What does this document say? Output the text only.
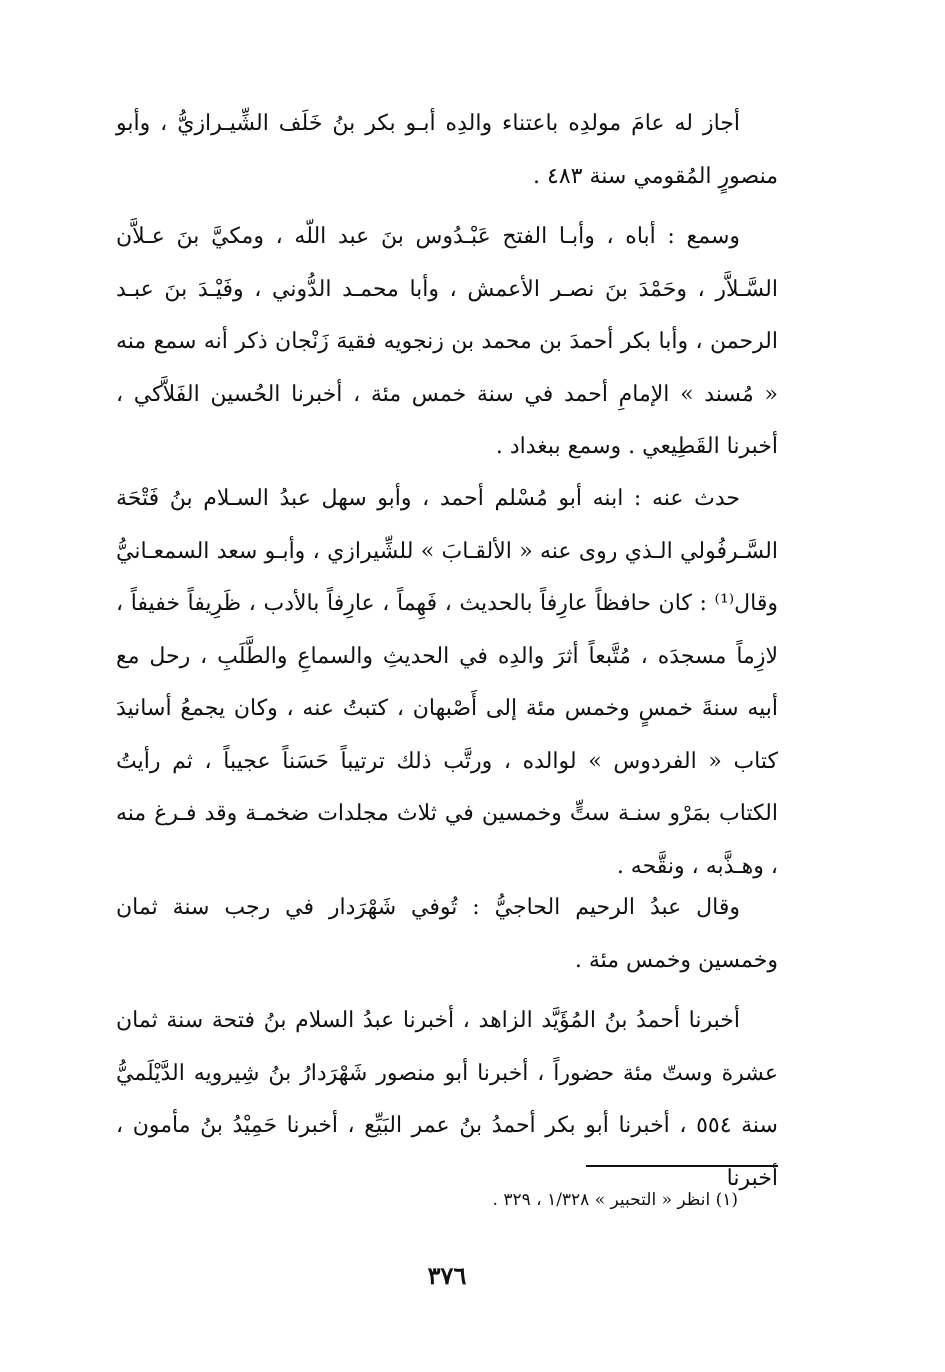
أجاز له عامَ مولدِه باعتناء والدِه أبـو بكر بنُ خَلَف الشِّيـرازيُّ ، وأبو منصورٍ المُقومي سنة ٤٨٣ .

وسمع : أباه ، وأبـا الفتح عَبْـدُوس بنَ عبد اللّه ، ومكيَّ بنَ عـلاَّن السَّـلاَّر ، وحَمْدَ بنَ نصـر الأعمش ، وأبا محمـد الدُّوني ، وفَيْـدَ بنَ عبـد الرحمن ، وأبا بكر أحمدَ بن محمد بن زنجويه فقيهَ زَنْجان ذكر أنه سمع منه « مُسند » الإمامِ أحمد في سنة خمس مئة ، أخبرنا الحُسين الفَلاَّكي ، أخبرنا القَطِيعي . وسمع ببغداد .

حدث عنه : ابنه أبو مُسْلم أحمد ، وأبو سهل عبدُ السـلام بنُ فَتْحَة السَّـرفُولي الـذي روى عنه « الألقـابَ » للشِّيرازي ، وأبـو سعد السمعـانيُّ وقال⁽¹⁾ : كان حافظاً عارِفاً بالحديث ، فَهِماً ، عارِفاً بالأدب ، ظَرِيفاً خفيفاً ، لازِماً مسجدَه ، مُتَّبعاً أثرَ والدِه في الحديثِ والسماعِ والطَّلَبِ ، رحل مع أبيه سنةَ خمسٍ وخمس مئة إلى أَصْبهان ، كتبتُ عنه ، وكان يجمعُ أسانيدَ كتاب « الفردوس » لوالده ، ورتَّب ذلك ترتيباً حَسَناً عجيباً ، ثم رأيتُ الكتاب بمَرْو سنـة ستٍّ وخمسين في ثلاث مجلدات ضخمـة وقد فـرغ منه ، وهـذَّبه ، ونقَّحه .

وقال عبدُ الرحيم الحاجيُّ : تُوفي شَهْرَدار في رجب سنة ثمان وخمسين وخمس مئة .

أخبرنا أحمدُ بنُ المُؤَيَّد الزاهد ، أخبرنا عبدُ السلام بنُ فتحة سنة ثمان عشرة وستّ مئة حضوراً ، أخبرنا أبو منصور شَهْرَدارُ بنُ شِيرويه الدَّيْلَميُّ سنة ٥٥٤ ، أخبرنا أبو بكر أحمدُ بنُ عمر البَيِّع ، أخبرنا حَمِيْدُ بنُ مأمون ، أخبرنا

(١) انظر « التحبير » ١/٣٢٨ ، ٣٢٩ .

٣٧٦
